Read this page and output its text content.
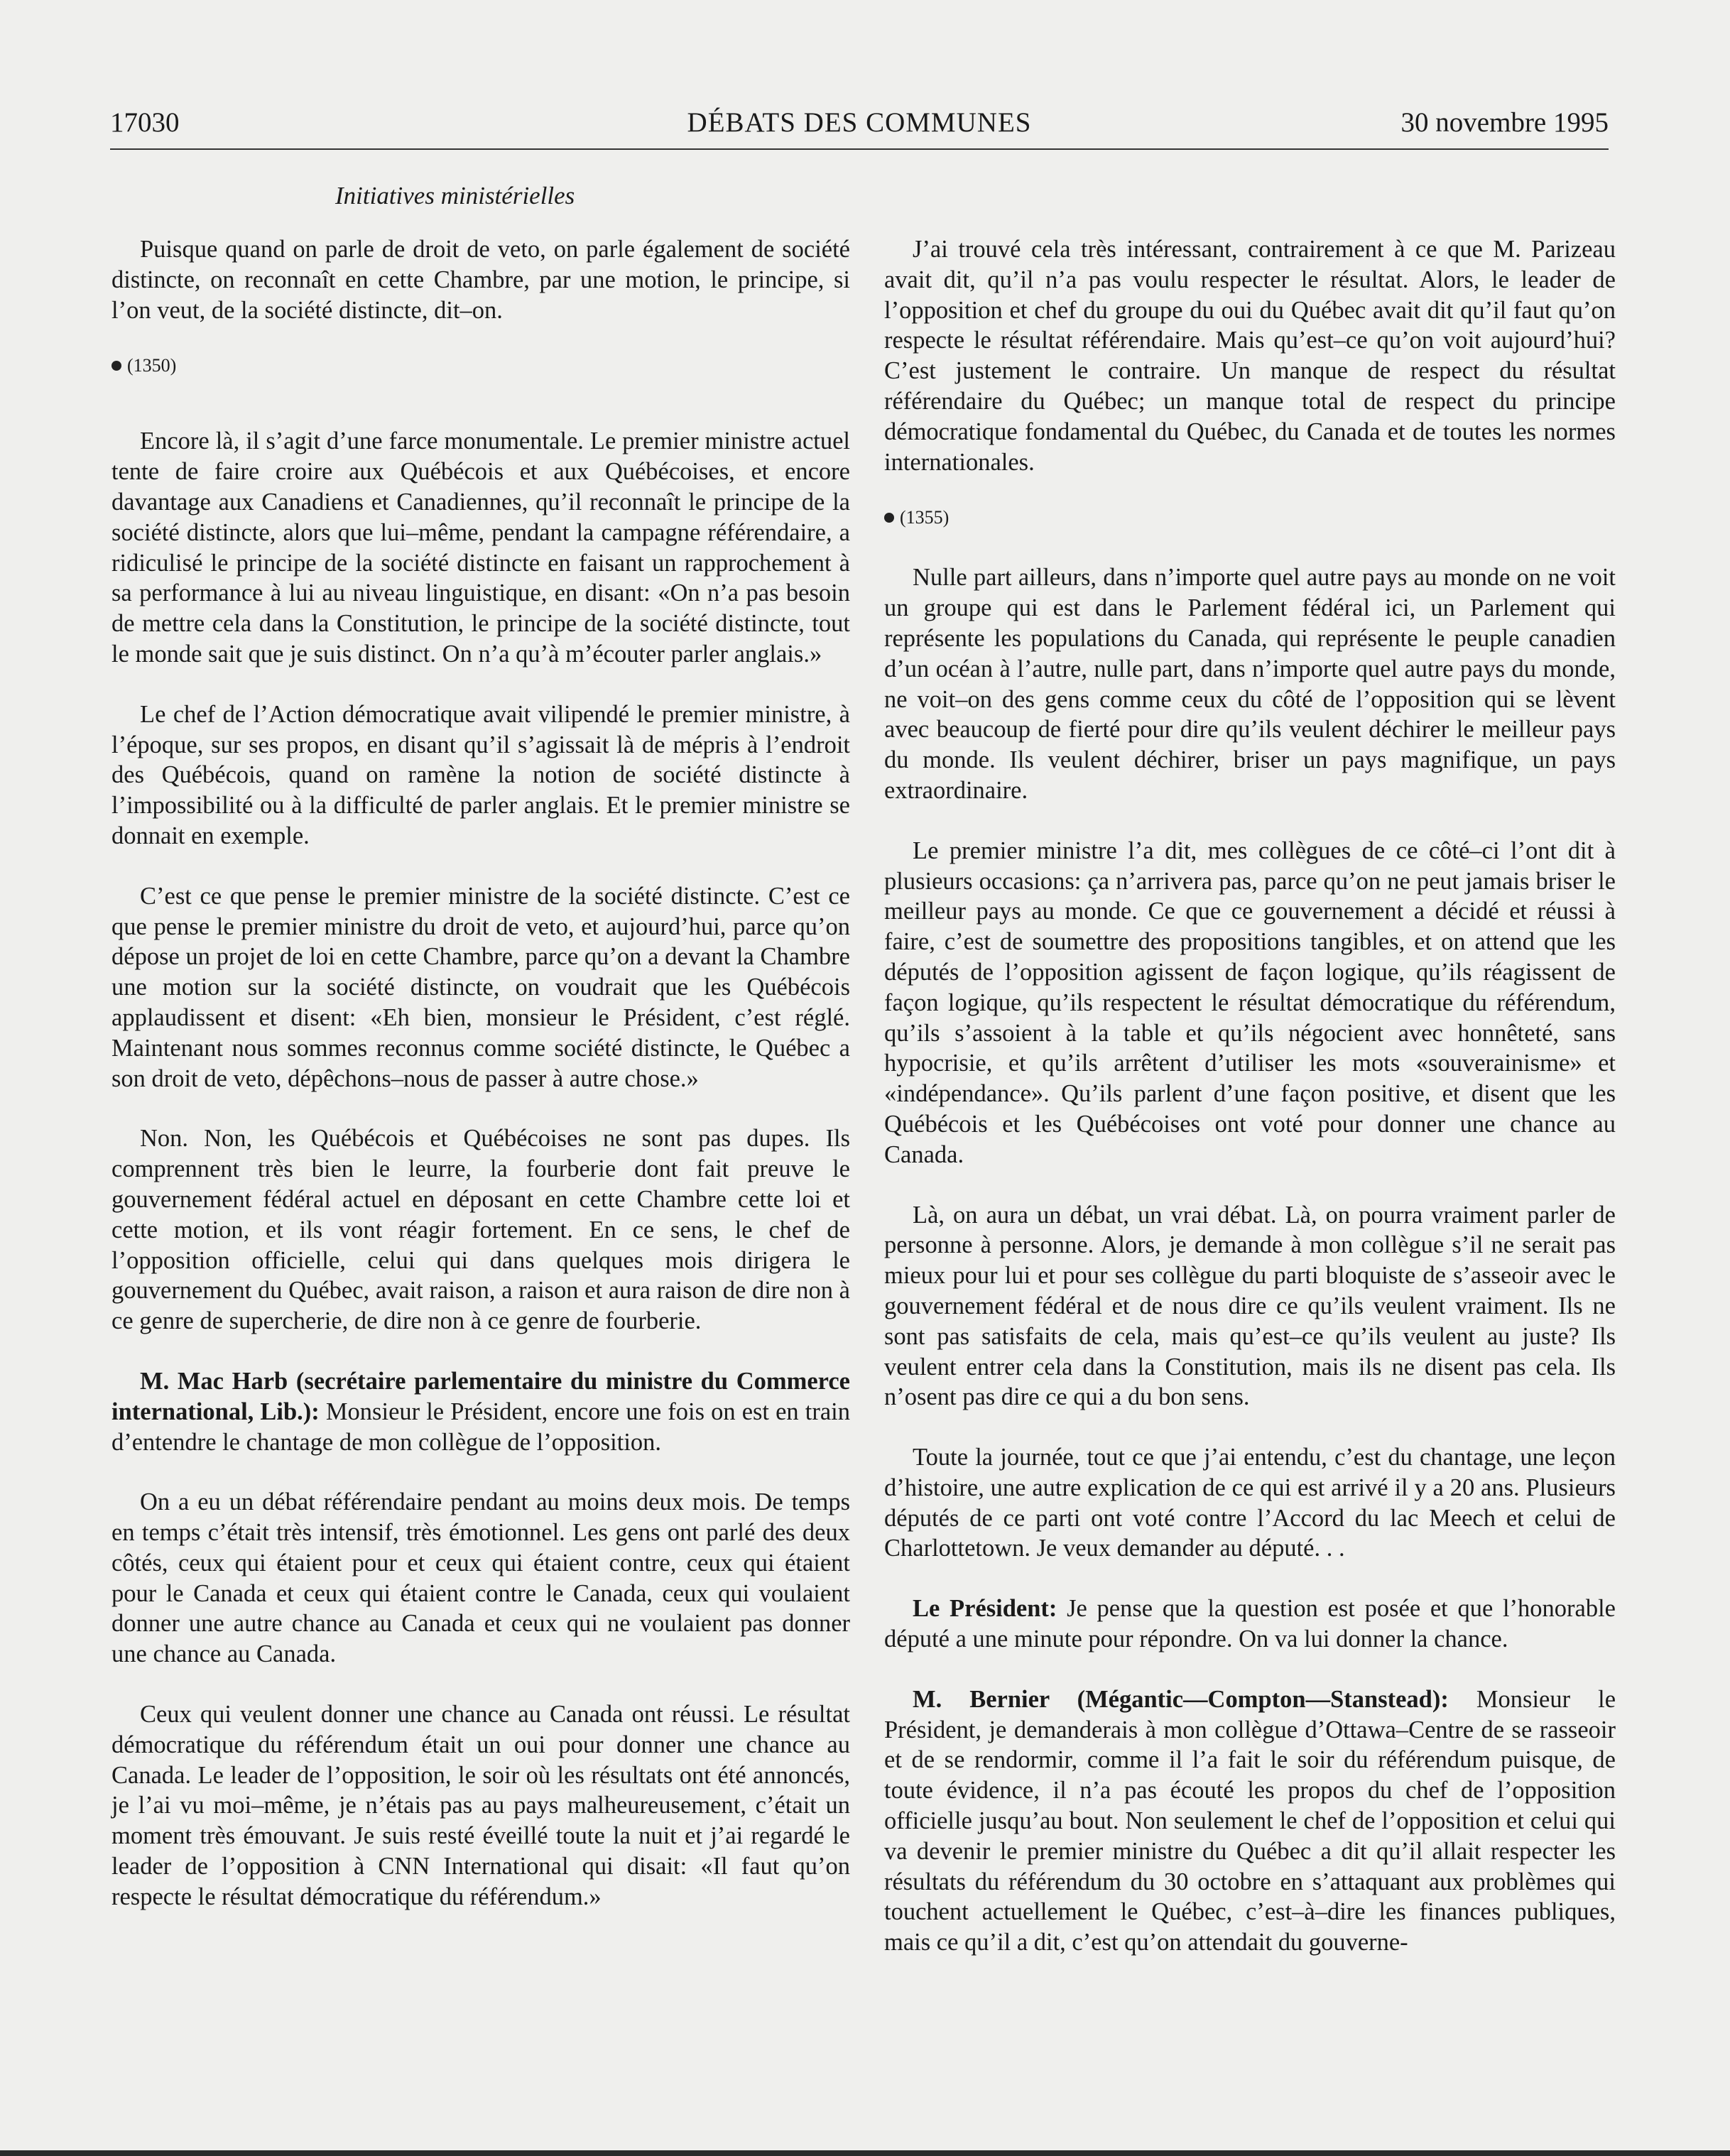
17030	DÉBATS DES COMMUNES	30 novembre 1995
Initiatives ministérielles

Puisque quand on parle de droit de veto, on parle également de société distincte, on reconnaît en cette Chambre, par une motion, le principe, si l’on veut, de la société distincte, dit–on.

(1350)

Encore là, il s’agit d’une farce monumentale. Le premier ministre actuel tente de faire croire aux Québécois et aux Québécoises, et encore davantage aux Canadiens et Canadiennes, qu’il reconnaît le principe de la société distincte, alors que lui–même, pendant la campagne référendaire, a ridiculisé le principe de la société distincte en faisant un rapprochement à sa performance à lui au niveau linguistique, en disant: «On n’a pas besoin de mettre cela dans la Constitution, le principe de la société distincte, tout le monde sait que je suis distinct. On n’a qu’à m’écouter parler anglais.»

Le chef de l’Action démocratique avait vilipendé le premier ministre, à l’époque, sur ses propos, en disant qu’il s’agissait là de mépris à l’endroit des Québécois, quand on ramène la notion de société distincte à l’impossibilité ou à la difficulté de parler anglais. Et le premier ministre se donnait en exemple.

C’est ce que pense le premier ministre de la société distincte. C’est ce que pense le premier ministre du droit de veto, et aujourd’hui, parce qu’on dépose un projet de loi en cette Chambre, parce qu’on a devant la Chambre une motion sur la société distincte, on voudrait que les Québécois applaudissent et disent: «Eh bien, monsieur le Président, c’est réglé. Maintenant nous sommes reconnus comme société distincte, le Québec a son droit de veto, dépêchons–nous de passer à autre chose.»

Non. Non, les Québécois et Québécoises ne sont pas dupes. Ils comprennent très bien le leurre, la fourberie dont fait preuve le gouvernement fédéral actuel en déposant en cette Chambre cette loi et cette motion, et ils vont réagir fortement. En ce sens, le chef de l’opposition officielle, celui qui dans quelques mois dirigera le gouvernement du Québec, avait raison, a raison et aura raison de dire non à ce genre de supercherie, de dire non à ce genre de fourberie.

M. Mac Harb (secrétaire parlementaire du ministre du Commerce international, Lib.): Monsieur le Président, encore une fois on est en train d’entendre le chantage de mon collègue de l’opposition.

On a eu un débat référendaire pendant au moins deux mois. De temps en temps c’était très intensif, très émotionnel. Les gens ont parlé des deux côtés, ceux qui étaient pour et ceux qui étaient contre, ceux qui étaient pour le Canada et ceux qui étaient contre le Canada, ceux qui voulaient donner une autre chance au Canada et ceux qui ne voulaient pas donner une chance au Canada.

Ceux qui veulent donner une chance au Canada ont réussi. Le résultat démocratique du référendum était un oui pour donner une chance au Canada. Le leader de l’opposition, le soir où les résultats ont été annoncés, je l’ai vu moi–même, je n’étais pas au pays malheureusement, c’était un moment très émouvant. Je suis resté éveillé toute la nuit et j’ai regardé le leader de l’opposition à CNN International qui disait: «Il faut qu’on respecte le résultat démocratique du référendum.»

J’ai trouvé cela très intéressant, contrairement à ce que M. Parizeau avait dit, qu’il n’a pas voulu respecter le résultat. Alors, le leader de l’opposition et chef du groupe du oui du Québec avait dit qu’il faut qu’on respecte le résultat référendaire. Mais qu’est–ce qu’on voit aujourd’hui? C’est justement le contraire. Un manque de respect du résultat référendaire du Québec; un manque total de respect du principe démocratique fondamental du Québec, du Canada et de toutes les normes internationales.

(1355)

Nulle part ailleurs, dans n’importe quel autre pays au monde on ne voit un groupe qui est dans le Parlement fédéral ici, un Parlement qui représente les populations du Canada, qui représente le peuple canadien d’un océan à l’autre, nulle part, dans n’importe quel autre pays du monde, ne voit–on des gens comme ceux du côté de l’opposition qui se lèvent avec beaucoup de fierté pour dire qu’ils veulent déchirer le meilleur pays du monde. Ils veulent déchirer, briser un pays magnifique, un pays extraordinaire.

Le premier ministre l’a dit, mes collègues de ce côté–ci l’ont dit à plusieurs occasions: ça n’arrivera pas, parce qu’on ne peut jamais briser le meilleur pays au monde. Ce que ce gouvernement a décidé et réussi à faire, c’est de soumettre des propositions tangibles, et on attend que les députés de l’opposition agissent de façon logique, qu’ils réagissent de façon logique, qu’ils respectent le résultat démocratique du référendum, qu’ils s’assoient à la table et qu’ils négocient avec honnêteté, sans hypocrisie, et qu’ils arrêtent d’utiliser les mots «souverainisme» et «indépendance». Qu’ils parlent d’une façon positive, et disent que les Québécois et les Québécoises ont voté pour donner une chance au Canada.

Là, on aura un débat, un vrai débat. Là, on pourra vraiment parler de personne à personne. Alors, je demande à mon collègue s’il ne serait pas mieux pour lui et pour ses collègue du parti bloquiste de s’asseoir avec le gouvernement fédéral et de nous dire ce qu’ils veulent vraiment. Ils ne sont pas satisfaits de cela, mais qu’est–ce qu’ils veulent au juste? Ils veulent entrer cela dans la Constitution, mais ils ne disent pas cela. Ils n’osent pas dire ce qui a du bon sens.

Toute la journée, tout ce que j’ai entendu, c’est du chantage, une leçon d’histoire, une autre explication de ce qui est arrivé il y a 20 ans. Plusieurs députés de ce parti ont voté contre l’Accord du lac Meech et celui de Charlottetown. Je veux demander au député. . .

Le Président: Je pense que la question est posée et que l’honorable député a une minute pour répondre. On va lui donner la chance.

M. Bernier (Mégantic—Compton—Stanstead): Monsieur le Président, je demanderais à mon collègue d’Ottawa–Centre de se rasseoir et de se rendormir, comme il l’a fait le soir du référendum puisque, de toute évidence, il n’a pas écouté les propos du chef de l’opposition officielle jusqu’au bout. Non seulement le chef de l’opposition et celui qui va devenir le premier ministre du Québec a dit qu’il allait respecter les résultats du référendum du 30 octobre en s’attaquant aux problèmes qui touchent actuellement le Québec, c’est–à–dire les finances publiques, mais ce qu’il a dit, c’est qu’on attendait du gouverne-
